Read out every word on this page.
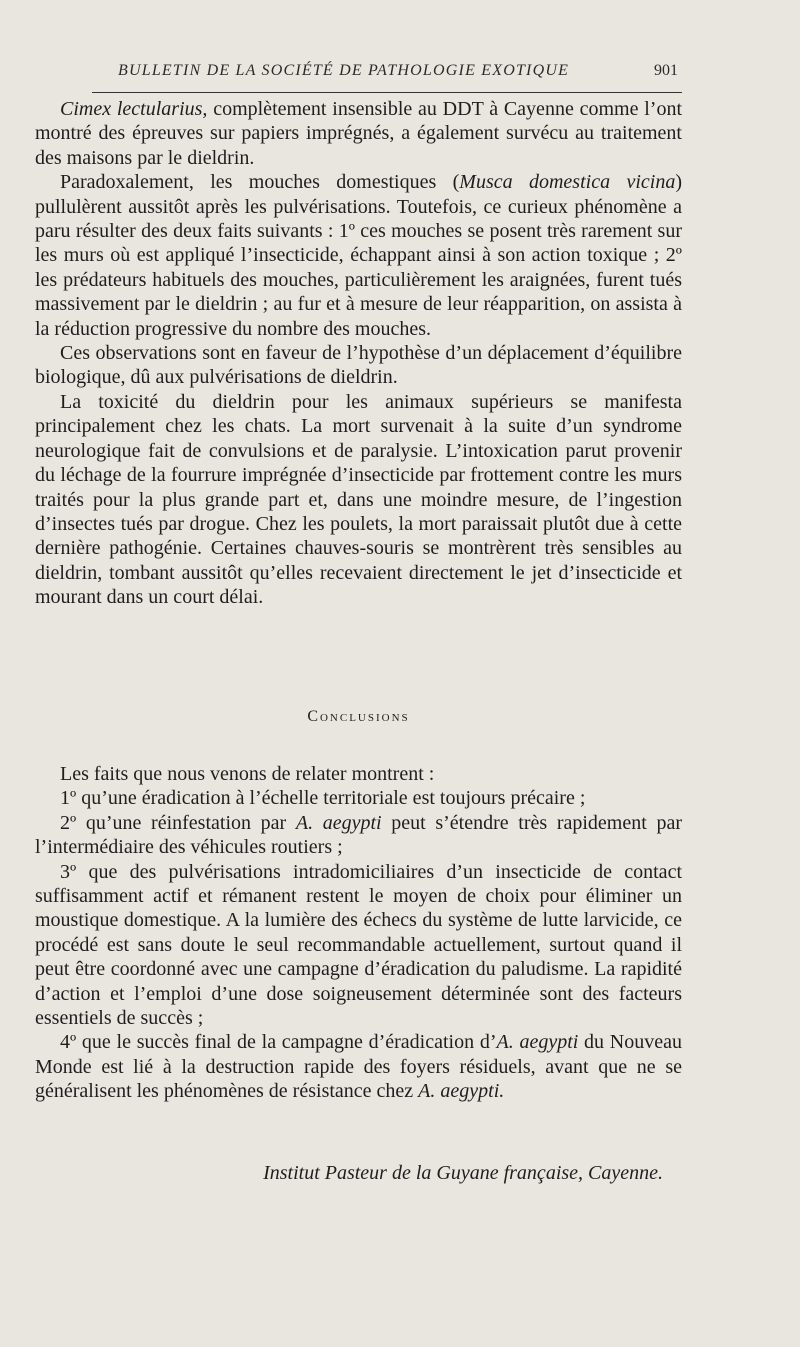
BULLETIN DE LA SOCIÉTÉ DE PATHOLOGIE EXOTIQUE	901

Cimex lectularius, complètement insensible au DDT à Cayenne comme l’ont montré des épreuves sur papiers imprégnés, a également survécu au traitement des maisons par le dieldrin.

Paradoxalement, les mouches domestiques (Musca domestica vicina) pullulèrent aussitôt après les pulvérisations. Toutefois, ce curieux phénomène a paru résulter des deux faits suivants : 1º ces mouches se posent très rarement sur les murs où est appliqué l’insecticide, échappant ainsi à son action toxique ; 2º les prédateurs habituels des mouches, particulièrement les araignées, furent tués massivement par le dieldrin ; au fur et à mesure de leur réapparition, on assista à la réduction progressive du nombre des mouches.

Ces observations sont en faveur de l’hypothèse d’un déplacement d’équilibre biologique, dû aux pulvérisations de dieldrin.

La toxicité du dieldrin pour les animaux supérieurs se manifesta principalement chez les chats. La mort survenait à la suite d’un syndrome neurologique fait de convulsions et de paralysie. L’intoxication parut provenir du léchage de la fourrure imprégnée d’insecticide par frottement contre les murs traités pour la plus grande part et, dans une moindre mesure, de l’ingestion d’insectes tués par drogue. Chez les poulets, la mort paraissait plutôt due à cette dernière pathogénie. Certaines chauves-souris se montrèrent très sensibles au dieldrin, tombant aussitôt qu’elles recevaient directement le jet d’insecticide et mourant dans un court délai.

Conclusions

Les faits que nous venons de relater montrent :

1º qu’une éradication à l’échelle territoriale est toujours précaire ;

2º qu’une réinfestation par A. aegypti peut s’étendre très rapidement par l’intermédiaire des véhicules routiers ;

3º que des pulvérisations intradomiciliaires d’un insecticide de contact suffisamment actif et rémanent restent le moyen de choix pour éliminer un moustique domestique. A la lumière des échecs du système de lutte larvicide, ce procédé est sans doute le seul recommandable actuellement, surtout quand il peut être coordonné avec une campagne d’éradication du paludisme. La rapidité d’action et l’emploi d’une dose soigneusement déterminée sont des facteurs essentiels de succès ;

4º que le succès final de la campagne d’éradication d’A. aegypti du Nouveau Monde est lié à la destruction rapide des foyers résiduels, avant que ne se généralisent les phénomènes de résistance chez A. aegypti.

Institut Pasteur de la Guyane française, Cayenne.
